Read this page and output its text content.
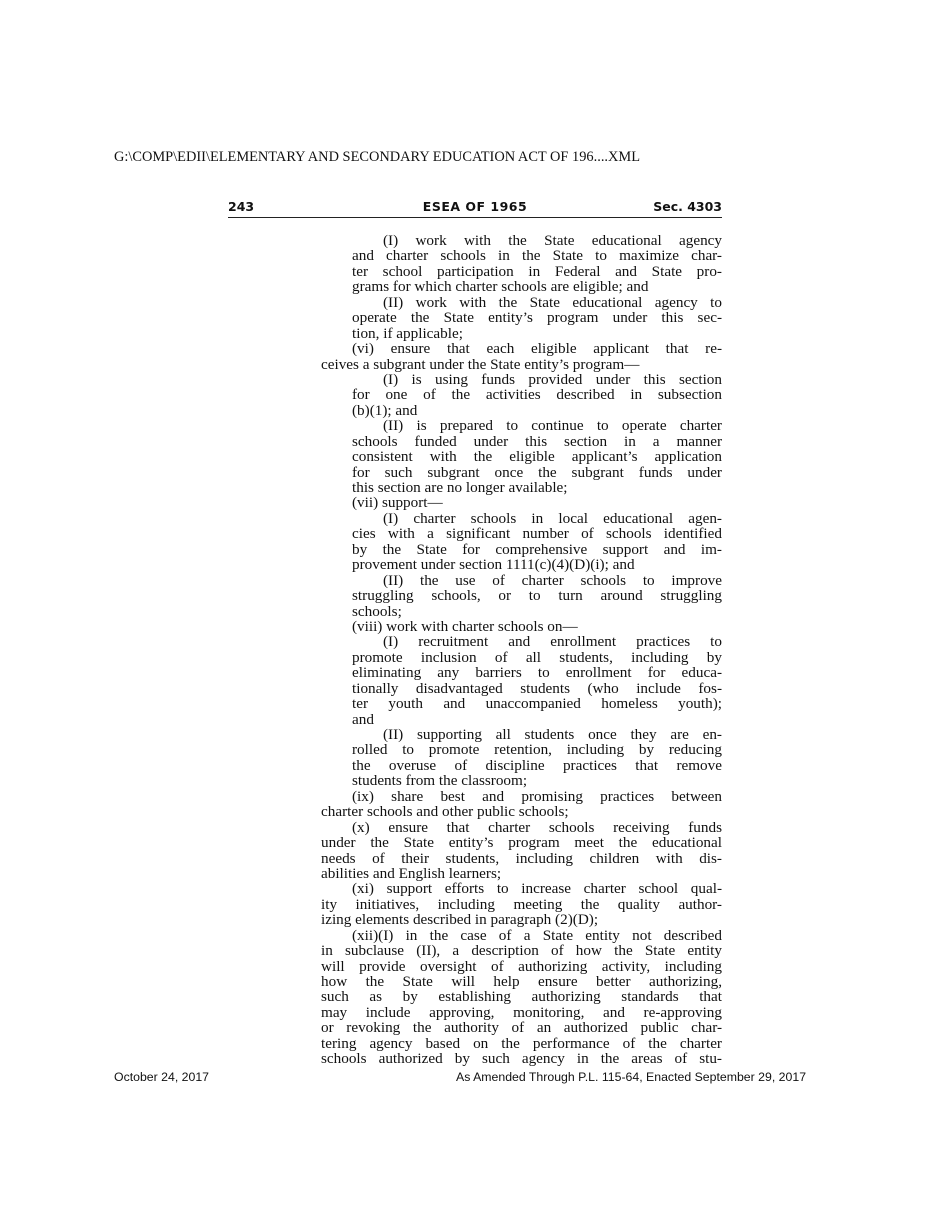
G:\COMP\EDII\ELEMENTARY AND SECONDARY EDUCATION ACT OF 196....XML
243	ESEA OF 1965	Sec. 4303
(I) work with the State educational agency
and charter schools in the State to maximize char-
ter school participation in Federal and State pro-
grams for which charter schools are eligible; and
(II) work with the State educational agency to
operate the State entity’s program under this sec-
tion, if applicable;
(vi) ensure that each eligible applicant that re-
ceives a subgrant under the State entity’s program—
(I) is using funds provided under this section
for one of the activities described in subsection
(b)(1); and
(II) is prepared to continue to operate charter
schools funded under this section in a manner
consistent with the eligible applicant’s application
for such subgrant once the subgrant funds under
this section are no longer available;
(vii) support—
(I) charter schools in local educational agen-
cies with a significant number of schools identified
by the State for comprehensive support and im-
provement under section 1111(c)(4)(D)(i); and
(II) the use of charter schools to improve
struggling schools, or to turn around struggling
schools;
(viii) work with charter schools on—
(I) recruitment and enrollment practices to
promote inclusion of all students, including by
eliminating any barriers to enrollment for educa-
tionally disadvantaged students (who include fos-
ter youth and unaccompanied homeless youth);
and
(II) supporting all students once they are en-
rolled to promote retention, including by reducing
the overuse of discipline practices that remove
students from the classroom;
(ix) share best and promising practices between
charter schools and other public schools;
(x) ensure that charter schools receiving funds
under the State entity’s program meet the educational
needs of their students, including children with dis-
abilities and English learners;
(xi) support efforts to increase charter school qual-
ity initiatives, including meeting the quality author-
izing elements described in paragraph (2)(D);
(xii)(I) in the case of a State entity not described
in subclause (II), a description of how the State entity
will provide oversight of authorizing activity, including
how the State will help ensure better authorizing,
such as by establishing authorizing standards that
may include approving, monitoring, and re-approving
or revoking the authority of an authorized public char-
tering agency based on the performance of the charter
schools authorized by such agency in the areas of stu-
October 24, 2017	As Amended Through P.L. 115-64, Enacted September 29, 2017
